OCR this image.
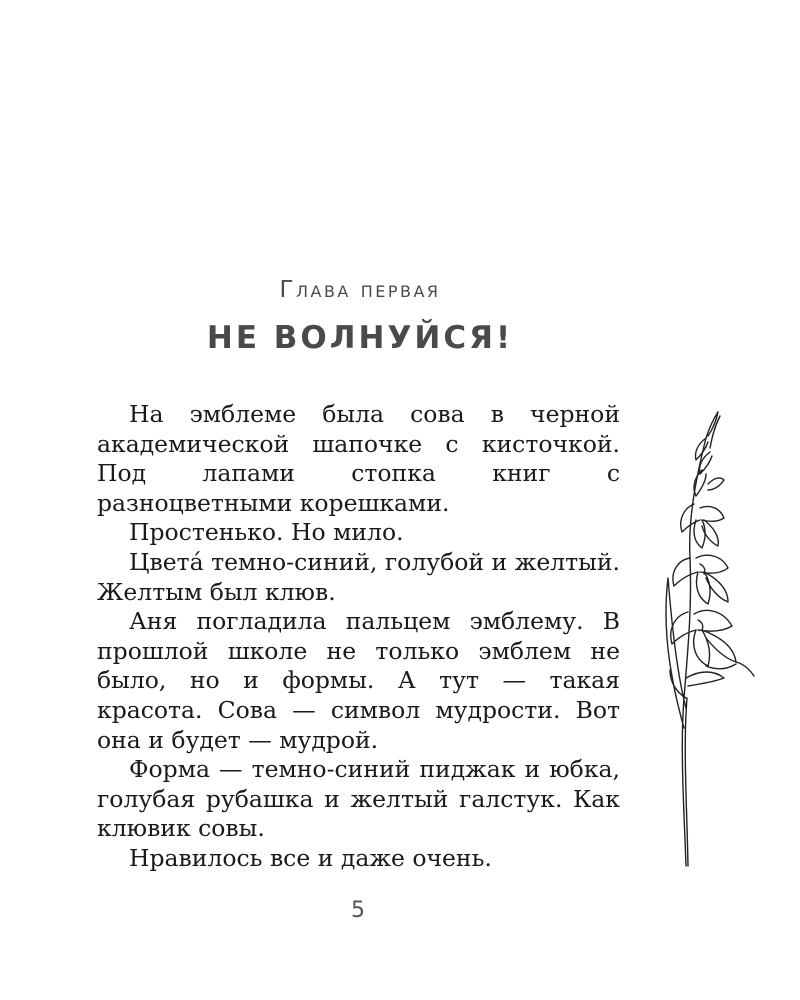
Глава первая
НЕ ВОЛНУЙСЯ!

На эмблеме была сова в черной академической шапочке с кисточкой. Под лапами стопка книг с разноцветными корешками.

Простенько. Но мило.

Цветá темно-синий, голубой и желтый. Желтым был клюв.

Аня погладила пальцем эмблему. В прошлой школе не только эмблем не было, но и формы. А тут — такая красота. Сова — символ мудрости. Вот она и будет — мудрой.

Форма — темно-синий пиджак и юбка, голубая рубашка и желтый галстук. Как клювик совы.

Нравилось все и даже очень.

5
